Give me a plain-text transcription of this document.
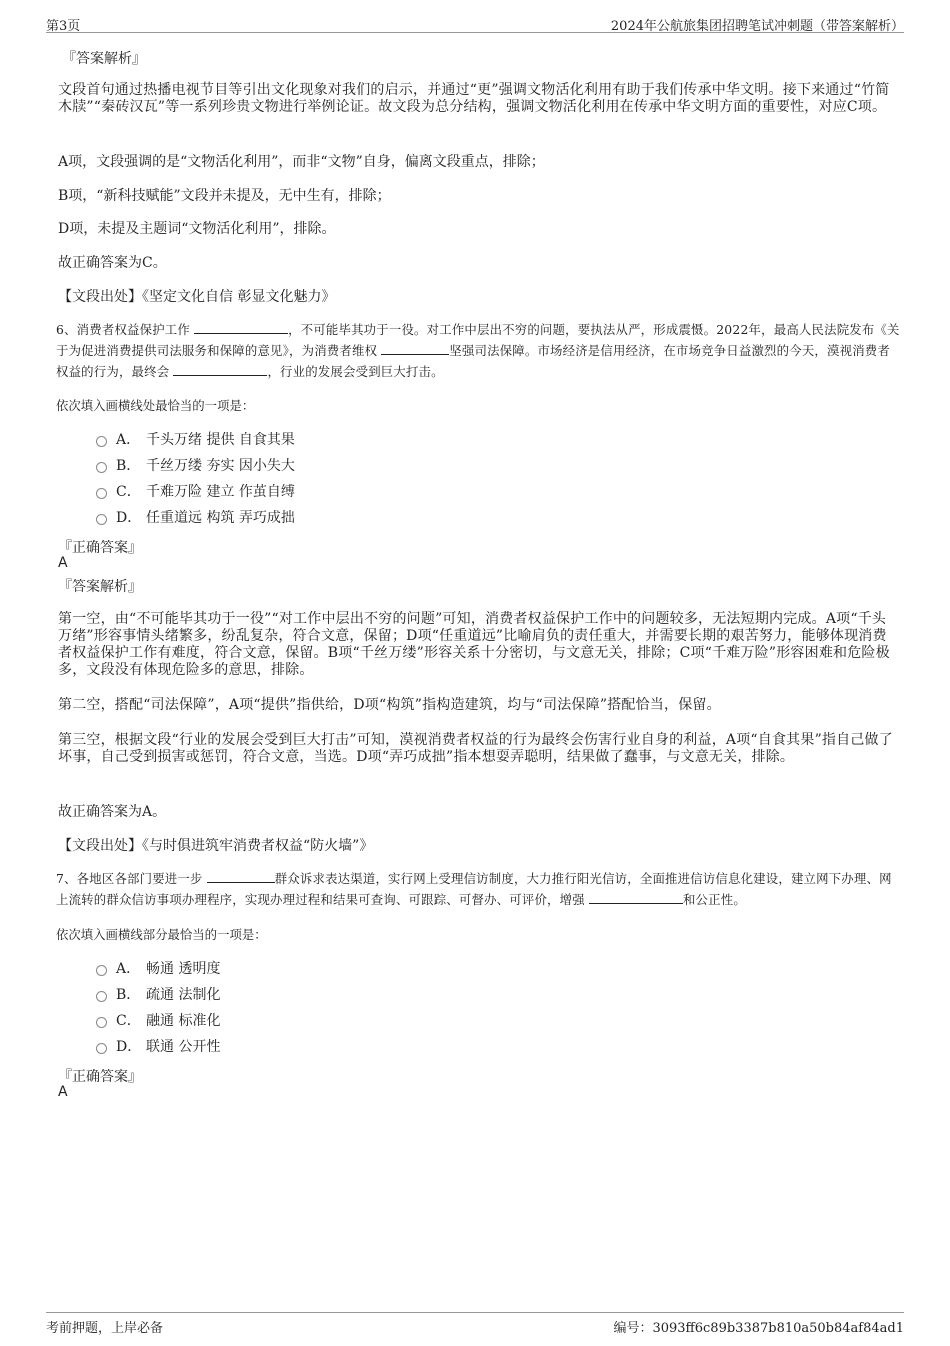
第3页	2024年公航旅集团招聘笔试冲刺题（带答案解析）
『答案解析』
文段首句通过热播电视节目等引出文化现象对我们的启示，并通过“更”强调文物活化利用有助于我们传承中华文明。接下来通过“竹简木牍”“秦砖汉瓦”等一系列珍贵文物进行举例论证。故文段为总分结构，强调文物活化利用在传承中华文明方面的重要性，对应C项。
A项，文段强调的是“文物活化利用”，而非“文物”自身，偏离文段重点，排除；
B项，“新科技赋能”文段并未提及，无中生有，排除；
D项，未提及主题词“文物活化利用”，排除。
故正确答案为C。
【文段出处】《坚定文化自信 彰显文化魅力》
6、消费者权益保护工作	，不可能毕其功于一役。对工作中层出不穷的问题，要执法从严，形成震慑。2022年，最高人民法院发布《关于为促进消费提供司法服务和保障的意见》，为消费者维权	坚强司法保障。市场经济是信用经济，在市场竞争日益激烈的今天，漠视消费者权益的行为，最终会	，行业的发展会受到巨大打击。
依次填入画横线处最恰当的一项是：
A． 千头万绪 提供 自食其果
B． 千丝万缕 夯实 因小失大
C． 千难万险 建立 作茧自缚
D． 任重道远 构筑 弄巧成拙
『正确答案』
A
『答案解析』
第一空，由“不可能毕其功于一役”“对工作中层出不穷的问题”可知，消费者权益保护工作中的问题较多，无法短期内完成。A项“千头万绪”形容事情头绪繁多，纷乱复杂，符合文意，保留；D项“任重道远”比喻肩负的责任重大，并需要长期的艰苦努力，能够体现消费者权益保护工作有难度，符合文意，保留。B项“千丝万缕”形容关系十分密切，与文意无关，排除；C项“千难万险”形容困难和危险极多，文段没有体现危险多的意思，排除。
第二空，搭配“司法保障”，A项“提供”指供给，D项“构筑”指构造建筑，均与“司法保障”搭配恰当，保留。
第三空，根据文段“行业的发展会受到巨大打击”可知，漠视消费者权益的行为最终会伤害行业自身的利益，A项“自食其果”指自己做了坏事，自己受到损害或惩罚，符合文意，当选。D项“弄巧成拙”指本想耍弄聪明，结果做了蠢事，与文意无关，排除。
故正确答案为A。
【文段出处】《与时俱进筑牢消费者权益“防火墙”》
7、各地区各部门要进一步	群众诉求表达渠道，实行网上受理信访制度，大力推行阳光信访，全面推进信访信息化建设，建立网下办理、网上流转的群众信访事项办理程序，实现办理过程和结果可查询、可跟踪、可督办、可评价，增强	和公正性。
依次填入画横线部分最恰当的一项是：
A． 畅通 透明度
B． 疏通 法制化
C． 融通 标准化
D． 联通 公开性
『正确答案』
A
考前押题，上岸必备	编号：3093ff6c89b3387b810a50b84af84ad1
